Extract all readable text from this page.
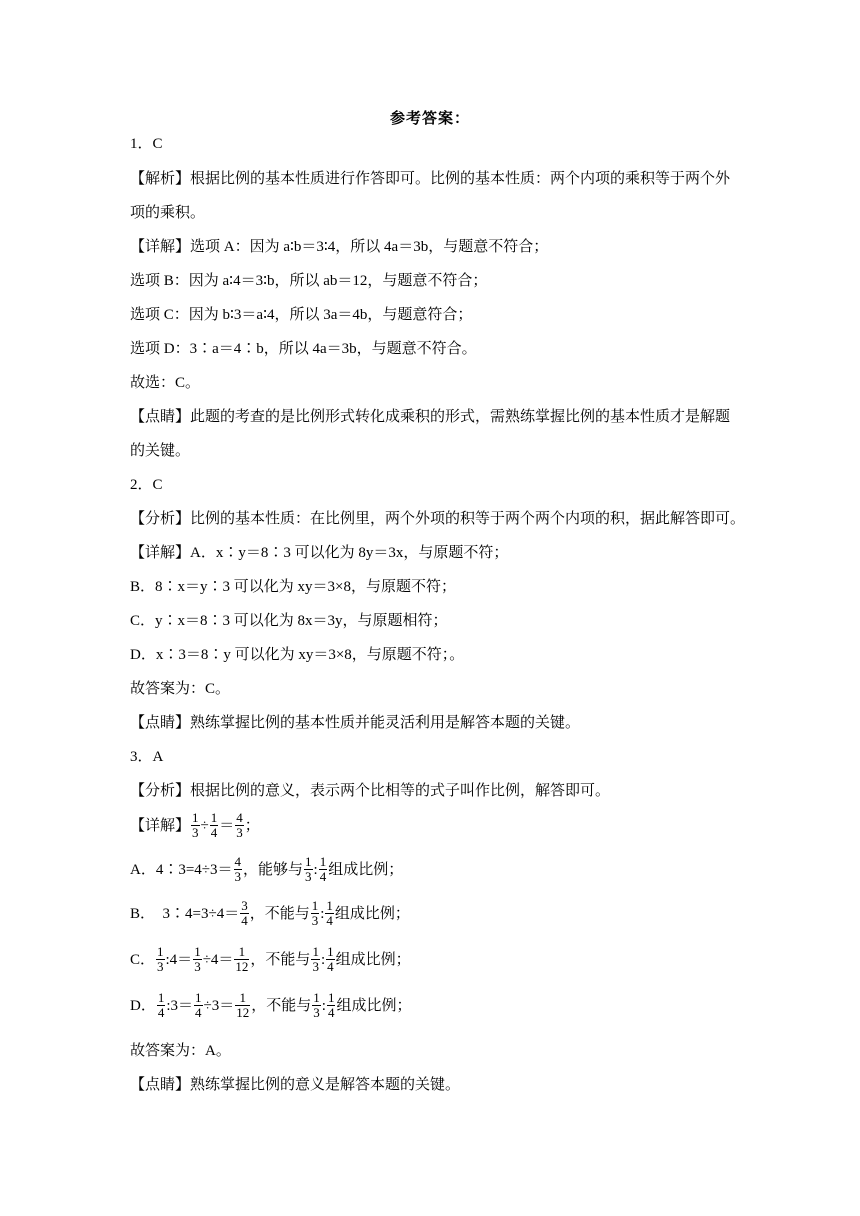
参考答案：
1．C
【解析】根据比例的基本性质进行作答即可。比例的基本性质：两个内项的乘积等于两个外
项的乘积。
【详解】选项 A：因为 a∶b＝3∶4，所以 4a＝3b，与题意不符合；
选项 B：因为 a∶4＝3∶b，所以 ab＝12，与题意不符合；
选项 C：因为 b∶3＝a∶4，所以 3a＝4b，与题意符合；
选项 D：3∶a＝4∶b，所以 4a＝3b，与题意不符合。
故选：C。
【点睛】此题的考查的是比例形式转化成乘积的形式，需熟练掌握比例的基本性质才是解题
的关键。
2．C
【分析】比例的基本性质：在比例里，两个外项的积等于两个两个内项的积，据此解答即可。
【详解】A．x∶y＝8∶3 可以化为 8y＝3x，与原题不符；
B．8∶x＝y∶3 可以化为 xy＝3×8，与原题不符；
C．y∶x＝8∶3 可以化为 8x＝3y，与原题相符；
D．x∶3＝8∶y 可以化为 xy＝3×8，与原题不符；。
故答案为：C。
【点睛】熟练掌握比例的基本性质并能灵活利用是解答本题的关键。
3．A
【分析】根据比例的意义，表示两个比相等的式子叫作比例，解答即可。
【详解】 $\frac{1}{3} \div \frac{1}{4} = \frac{4}{3}$ ；
A．4∶3=4÷3＝ $\frac{4}{3}$ ，能够与 $\frac{1}{3}$ : $\frac{1}{4}$ 组成比例；
B．  3∶4=3÷4＝ $\frac{3}{4}$ ，不能与 $\frac{1}{3}$ : $\frac{1}{4}$ 组成比例；
C． $\frac{1}{3}$ :4＝ $\frac{1}{3} \div 4= \frac{1}{12}$ ，不能与 $\frac{1}{3}$ : $\frac{1}{4}$ 组成比例；
D． $\frac{1}{4}$ :3＝ $\frac{1}{4} \div 3= \frac{1}{12}$ ，不能与 $\frac{1}{3}$ : $\frac{1}{4}$ 组成比例；
故答案为：A。
【点睛】熟练掌握比例的意义是解答本题的关键。
